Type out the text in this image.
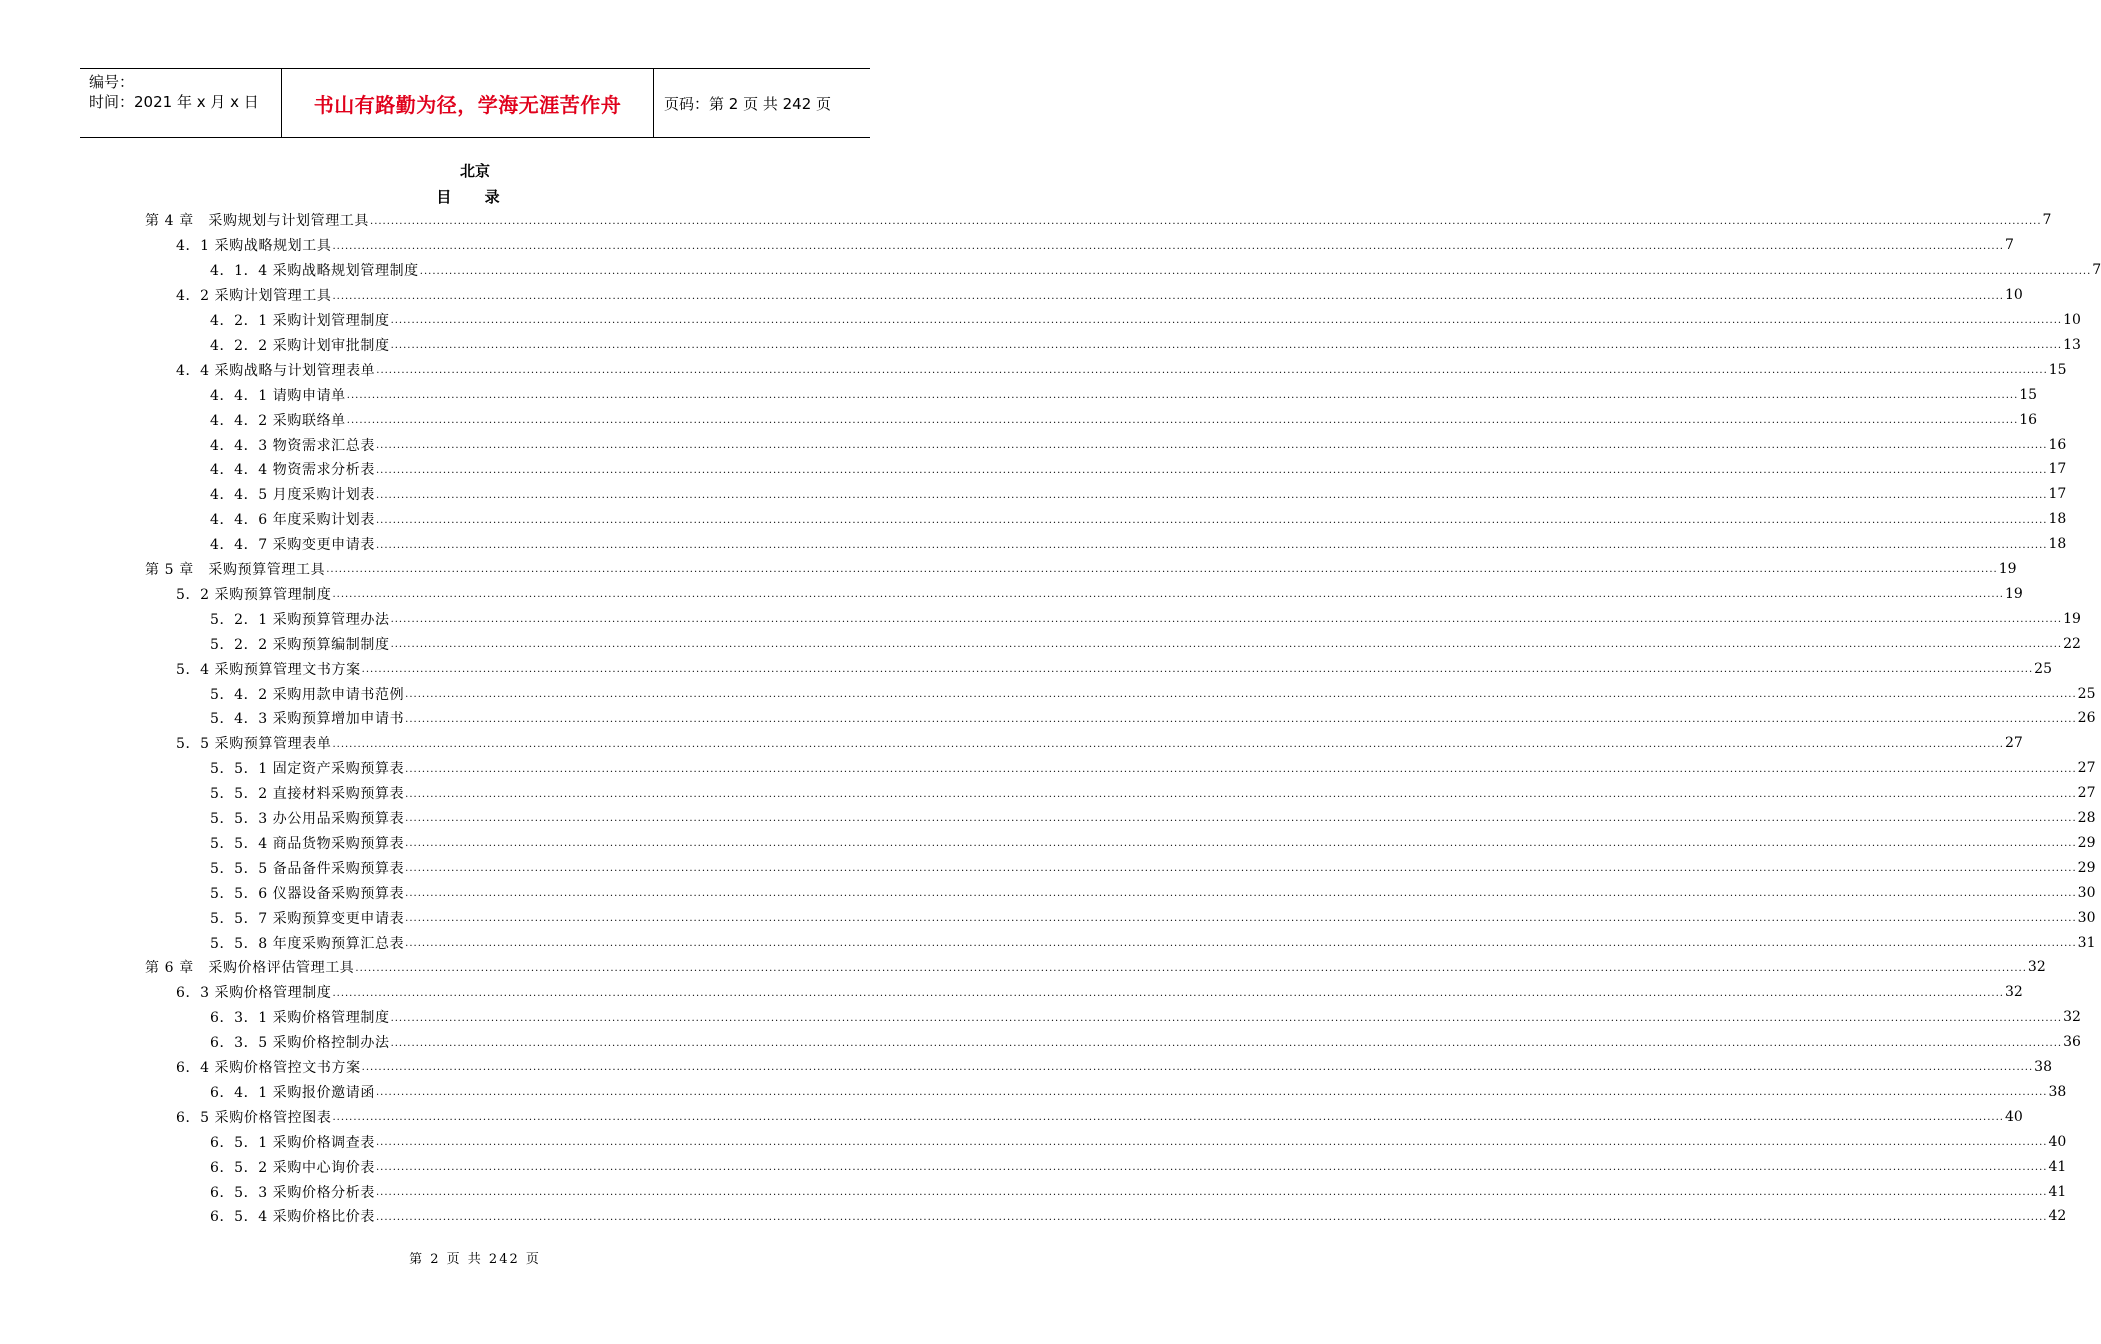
编号：
时间：2021 年 x 月 x 日	书山有路勤为径，学海无涯苦作舟	页码：第 2 页 共 242 页
北京
目 录
第 4 章　采购规划与计划管理工具 ................................................................................................................................................................................................................................................................................................................................................................................................................ 7
4．1 采购战略规划工具 ................................................................................................................................................................................................................................................................................................................................................................................................................ 7
4．1．4 采购战略规划管理制度 ................................................................................................................................................................................................................................................................................................................................................................................................................ 7
4．2 采购计划管理工具 ................................................................................................................................................................................................................................................................................................................................................................................................................ 10
4．2．1 采购计划管理制度 ................................................................................................................................................................................................................................................................................................................................................................................................................ 10
4．2．2 采购计划审批制度 ................................................................................................................................................................................................................................................................................................................................................................................................................ 13
4．4 采购战略与计划管理表单 ................................................................................................................................................................................................................................................................................................................................................................................................................ 15
4．4．1 请购申请单 ................................................................................................................................................................................................................................................................................................................................................................................................................ 15
4．4．2 采购联络单 ................................................................................................................................................................................................................................................................................................................................................................................................................ 16
4．4．3 物资需求汇总表 ................................................................................................................................................................................................................................................................................................................................................................................................................ 16
4．4．4 物资需求分析表 ................................................................................................................................................................................................................................................................................................................................................................................................................ 17
4．4．5 月度采购计划表 ................................................................................................................................................................................................................................................................................................................................................................................................................ 17
4．4．6 年度采购计划表 ................................................................................................................................................................................................................................................................................................................................................................................................................ 18
4．4．7 采购变更申请表 ................................................................................................................................................................................................................................................................................................................................................................................................................ 18
第 5 章　采购预算管理工具 ................................................................................................................................................................................................................................................................................................................................................................................................................ 19
5．2 采购预算管理制度 ................................................................................................................................................................................................................................................................................................................................................................................................................ 19
5．2．1 采购预算管理办法 ................................................................................................................................................................................................................................................................................................................................................................................................................ 19
5．2．2 采购预算编制制度 ................................................................................................................................................................................................................................................................................................................................................................................................................ 22
5．4 采购预算管理文书方案 ................................................................................................................................................................................................................................................................................................................................................................................................................ 25
5．4．2 采购用款申请书范例 ................................................................................................................................................................................................................................................................................................................................................................................................................ 25
5．4．3 采购预算增加申请书 ................................................................................................................................................................................................................................................................................................................................................................................................................ 26
5．5 采购预算管理表单 ................................................................................................................................................................................................................................................................................................................................................................................................................ 27
5．5．1 固定资产采购预算表 ................................................................................................................................................................................................................................................................................................................................................................................................................ 27
5．5．2 直接材料采购预算表 ................................................................................................................................................................................................................................................................................................................................................................................................................ 27
5．5．3 办公用品采购预算表 ................................................................................................................................................................................................................................................................................................................................................................................................................ 28
5．5．4 商品货物采购预算表 ................................................................................................................................................................................................................................................................................................................................................................................................................ 29
5．5．5 备品备件采购预算表 ................................................................................................................................................................................................................................................................................................................................................................................................................ 29
5．5．6 仪器设备采购预算表 ................................................................................................................................................................................................................................................................................................................................................................................................................ 30
5．5．7 采购预算变更申请表 ................................................................................................................................................................................................................................................................................................................................................................................................................ 30
5．5．8 年度采购预算汇总表 ................................................................................................................................................................................................................................................................................................................................................................................................................ 31
第 6 章　采购价格评估管理工具 ................................................................................................................................................................................................................................................................................................................................................................................................................ 32
6．3 采购价格管理制度 ................................................................................................................................................................................................................................................................................................................................................................................................................ 32
6．3．1 采购价格管理制度 ................................................................................................................................................................................................................................................................................................................................................................................................................ 32
6．3．5 采购价格控制办法 ................................................................................................................................................................................................................................................................................................................................................................................................................ 36
6．4 采购价格管控文书方案 ................................................................................................................................................................................................................................................................................................................................................................................................................ 38
6．4．1 采购报价邀请函 ................................................................................................................................................................................................................................................................................................................................................................................................................ 38
6．5 采购价格管控图表 ................................................................................................................................................................................................................................................................................................................................................................................................................ 40
6．5．1 采购价格调查表 ................................................................................................................................................................................................................................................................................................................................................................................................................ 40
6．5．2 采购中心询价表 ................................................................................................................................................................................................................................................................................................................................................................................................................ 41
6．5．3 采购价格分析表 ................................................................................................................................................................................................................................................................................................................................................................................................................ 41
6．5．4 采购价格比价表 ................................................................................................................................................................................................................................................................................................................................................................................................................ 42
第 2 页 共 242 页
